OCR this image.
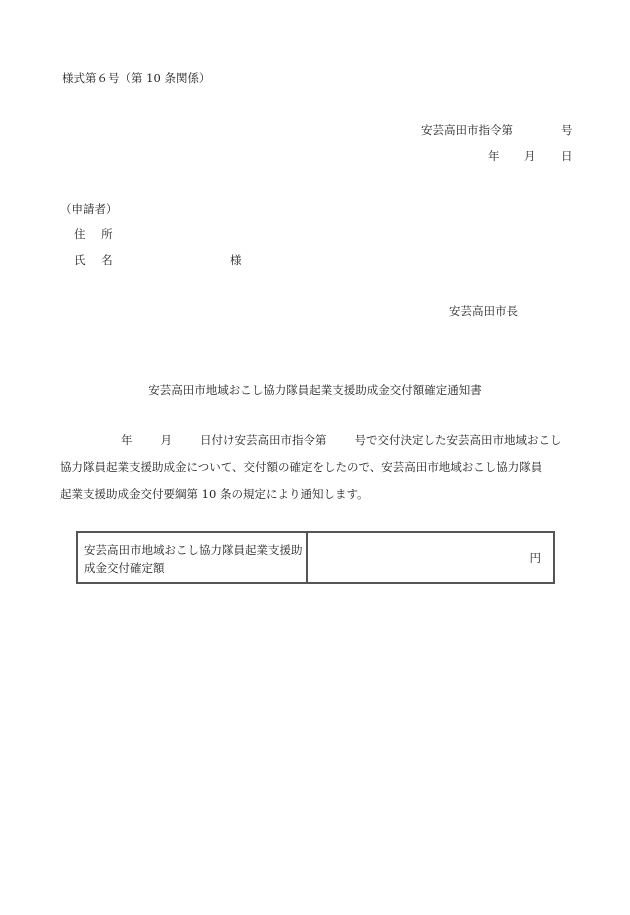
様式第６号（第 10 条関係）
安芸高田市指令第	号
年 月 日
（申請者）
住 所
氏 名	様
安芸高田市長
安芸高田市地域おこし協力隊員起業支援助成金交付額確定通知書
年 月 日付け安芸高田市指令第 号で交付決定した安芸高田市地域おこし
協力隊員起業支援助成金について、交付額の確定をしたので、安芸高田市地域おこし協力隊員
起業支援助成金交付要綱第 10 条の規定により通知します。
安芸高田市地域おこし協力隊員起業支援助成金交付確定額
円
